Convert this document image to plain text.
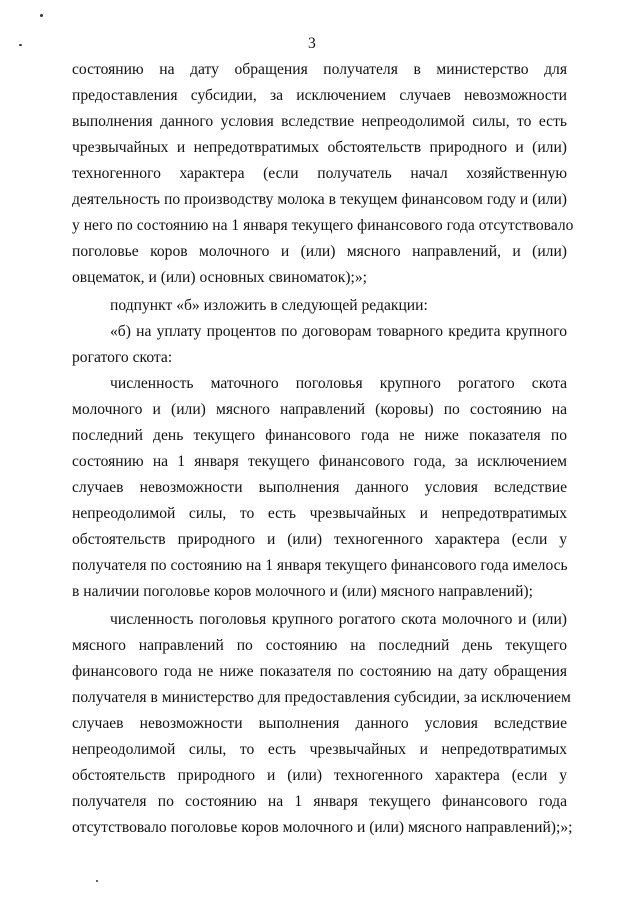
3
состоянию на дату обращения получателя в министерство для
предоставления субсидии, за исключением случаев невозможности
выполнения данного условия вследствие непреодолимой силы, то есть
чрезвычайных и непредотвратимых обстоятельств природного и (или)
техногенного характера (если получатель начал хозяйственную
деятельность по производству молока в текущем финансовом году и (или)
у него по состоянию на 1 января текущего финансового года отсутствовало
поголовье коров молочного и (или) мясного направлений, и (или)
овцематок, и (или) основных свиноматок);»;
подпункт «б» изложить в следующей редакции:
«б) на уплату процентов по договорам товарного кредита крупного
рогатого скота:
численность маточного поголовья крупного рогатого скота
молочного и (или) мясного направлений (коровы) по состоянию на
последний день текущего финансового года не ниже показателя по
состоянию на 1 января текущего финансового года, за исключением
случаев невозможности выполнения данного условия вследствие
непреодолимой силы, то есть чрезвычайных и непредотвратимых
обстоятельств природного и (или) техногенного характера (если у
получателя по состоянию на 1 января текущего финансового года имелось
в наличии поголовье коров молочного и (или) мясного направлений);
численность поголовья крупного рогатого скота молочного и (или)
мясного направлений по состоянию на последний день текущего
финансового года не ниже показателя по состоянию на дату обращения
получателя в министерство для предоставления субсидии, за исключением
случаев невозможности выполнения данного условия вследствие
непреодолимой силы, то есть чрезвычайных и непредотвратимых
обстоятельств природного и (или) техногенного характера (если у
получателя по состоянию на 1 января текущего финансового года
отсутствовало поголовье коров молочного и (или) мясного направлений);»;
